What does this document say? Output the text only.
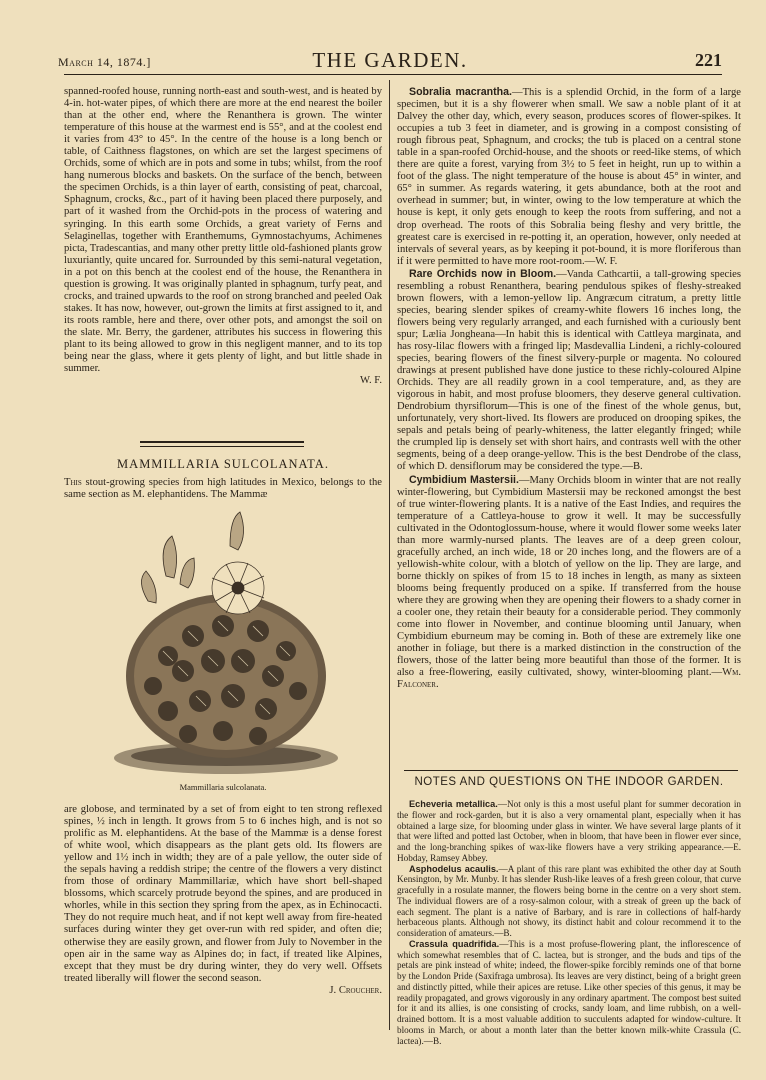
March 14, 1874.]	THE GARDEN.	221

spanned-roofed house, running north-east and south-west, and is heated by 4-in. hot-water pipes, of which there are more at the end nearest the boiler than at the other end, where the Renanthera is grown. The winter temperature of this house at the warmest end is 55°, and at the coolest end it varies from 43° to 45°. In the centre of the house is a long bench or table, of Caithness flagstones, on which are set the largest specimens of Orchids, some of which are in pots and some in tubs; whilst, from the roof hang numerous blocks and baskets. On the surface of the bench, between the specimen Orchids, is a thin layer of earth, consisting of peat, charcoal, Sphagnum, crocks, &c., part of it having been placed there purposely, and part of it washed from the Orchid-pots in the process of watering and syringing. In this earth some Orchids, a great variety of Ferns and Selaginellas, together with Eranthemums, Gymnostachyums, Achimenes picta, Tradescantias, and many other pretty little old-fashioned plants grow luxuriantly, quite uncared for. Surrounded by this semi-natural vegetation, in a pot on this bench at the coolest end of the house, the Renanthera in question is growing. It was originally planted in sphagnum, turfy peat, and crocks, and trained upwards to the roof on strong branched and peeled Oak stakes. It has now, however, out-grown the limits at first assigned to it, and its roots ramble, here and there, over other pots, and amongst the soil on the slate. Mr. Berry, the gardener, attributes his success in flowering this plant to its being allowed to grow in this negligent manner, and to its top being near the glass, where it gets plenty of light, and but little shade in summer.

W. F.
MAMMILLARIA SULCOLANATA.
This stout-growing species from high latitudes in Mexico, belongs to the same section as M. elephantidens. The Mammæ
Mammillaria sulcolanata.

are globose, and terminated by a set of from eight to ten strong reflexed spines, ½ inch in length. It grows from 5 to 6 inches high, and is not so prolific as M. elephantidens. At the base of the Mammæ is a dense forest of white wool, which disappears as the plant gets old. Its flowers are yellow and 1½ inch in width; they are of a pale yellow, the outer side of the sepals having a reddish stripe; the centre of the flowers a very distinct from those of ordinary Mammillariæ, which have short bell-shaped blossoms, which scarcely protrude beyond the spines, and are produced in whorles, while in this section they spring from the apex, as in Echinocacti. They do not require much heat, and if not kept well away from fire-heated surfaces during winter they get over-run with red spider, and often die; otherwise they are easily grown, and flower from July to November in the open air in the same way as Alpines do; in fact, if treated like Alpines, except that they must be dry during winter, they do very well. Offsets treated liberally will flower the second season.

J. Croucher.

Sobralia macrantha.—This is a splendid Orchid, in the form of a large specimen, but it is a shy flowerer when small. We saw a noble plant of it at Dalvey the other day, which, every season, produces scores of flower-spikes. It occupies a tub 3 feet in diameter, and is growing in a compost consisting of rough fibrous peat, Sphagnum, and crocks; the tub is placed on a central stone table in a span-roofed Orchid-house, and the shoots or reed-like stems, of which there are quite a forest, varying from 3½ to 5 feet in height, run up to within a foot of the glass. The night temperature of the house is about 45° in winter, and 65° in summer. As regards watering, it gets abundance, both at the root and overhead in summer; but, in winter, owing to the low temperature at which the house is kept, it only gets enough to keep the roots from suffering, and not a drop overhead. The roots of this Sobralia being fleshy and very brittle, the greatest care is exercised in re-potting it, an operation, however, only needed at intervals of several years, as by keeping it pot-bound, it is more floriferous than if it were permitted to have more root-room.—W. F.

Rare Orchids now in Bloom.—Vanda Cathcartii, a tall-growing species resembling a robust Renanthera, bearing pendulous spikes of fleshy-streaked brown flowers, with a lemon-yellow lip. Angræcum citratum, a pretty little species, bearing slender spikes of creamy-white flowers 16 inches long, the flowers being very regularly arranged, and each furnished with a curiously bent spur; Lælia Jongheana—In habit this is identical with Cattleya marginata, and has rosy-lilac flowers with a fringed lip; Masdevallia Lindeni, a richly-coloured species, bearing flowers of the finest silvery-purple or magenta. No coloured drawings at present published have done justice to these richly-coloured Alpine Orchids. They are all readily grown in a cool temperature, and, as they are vigorous in habit, and most profuse bloomers, they deserve general cultivation. Dendrobium thyrsiflorum—This is one of the finest of the whole genus, but, unfortunately, very short-lived. Its flowers are produced on drooping spikes, the sepals and petals being of pearly-whiteness, the latter elegantly fringed; while the crumpled lip is densely set with short hairs, and contrasts well with the other segments, being of a deep orange-yellow. This is the best Dendrobe of the class, of which D. densiflorum may be considered the type.—B.

Cymbidium Mastersii.—Many Orchids bloom in winter that are not really winter-flowering, but Cymbidium Mastersii may be reckoned amongst the best of true winter-flowering plants. It is a native of the East Indies, and requires the temperature of a Cattleya-house to grow it well. It may be successfully cultivated in the Odontoglossum-house, where it would flower some weeks later than more warmly-nursed plants. The leaves are of a deep green colour, gracefully arched, an inch wide, 18 or 20 inches long, and the flowers are of a yellowish-white colour, with a blotch of yellow on the lip. They are large, and borne thickly on spikes of from 15 to 18 inches in length, as many as sixteen blooms being frequently produced on a spike. If transferred from the house where they are growing when they are opening their flowers to a shady corner in a cooler one, they retain their beauty for a considerable period. They commonly come into flower in November, and continue blooming until January, when Cymbidium eburneum may be coming in. Both of these are extremely like one another in foliage, but there is a marked distinction in the construction of the flowers, those of the latter being more beautiful than those of the former. It is also a free-flowering, easily cultivated, showy, winter-blooming plant.—Wm. Falconer.

NOTES AND QUESTIONS ON THE INDOOR GARDEN.

Echeveria metallica.—Not only is this a most useful plant for summer decoration in the flower and rock-garden, but it is also a very ornamental plant, especially when it has obtained a large size, for blooming under glass in winter. We have several large plants of it that were lifted and potted last October, when in bloom, that have been in flower ever since, and the long-branching spikes of wax-like flowers have a very striking appearance.—E. Hobday, Ramsey Abbey.

Asphodelus acaulis.—A plant of this rare plant was exhibited the other day at South Kensington, by Mr. Munby. It has slender Rush-like leaves of a fresh green colour, that curve gracefully in a rosulate manner, the flowers being borne in the centre on a very short stem. The individual flowers are of a rosy-salmon colour, with a streak of green up the back of each segment. The plant is a native of Barbary, and is rare in collections of half-hardy herbaceous plants. Although not showy, its distinct habit and colour recommend it to the consideration of amateurs.—B.

Crassula quadrifida.—This is a most profuse-flowering plant, the inflorescence of which somewhat resembles that of C. lactea, but is stronger, and the buds and tips of the petals are pink instead of white; indeed, the flower-spike forcibly reminds one of that borne by the London Pride (Saxifraga umbrosa). Its leaves are very distinct, being of a bright green and distinctly pitted, while their apices are retuse. Like other species of this genus, it may be readily propagated, and grows vigorously in any ordinary apartment. The compost best suited for it and its allies, is one consisting of crocks, sandy loam, and lime rubbish, on a well-drained bottom. It is a most valuable addition to succulents adapted for window-culture. It blooms in March, or about a month later than the better known milk-white Crassula (C. lactea).—B.
